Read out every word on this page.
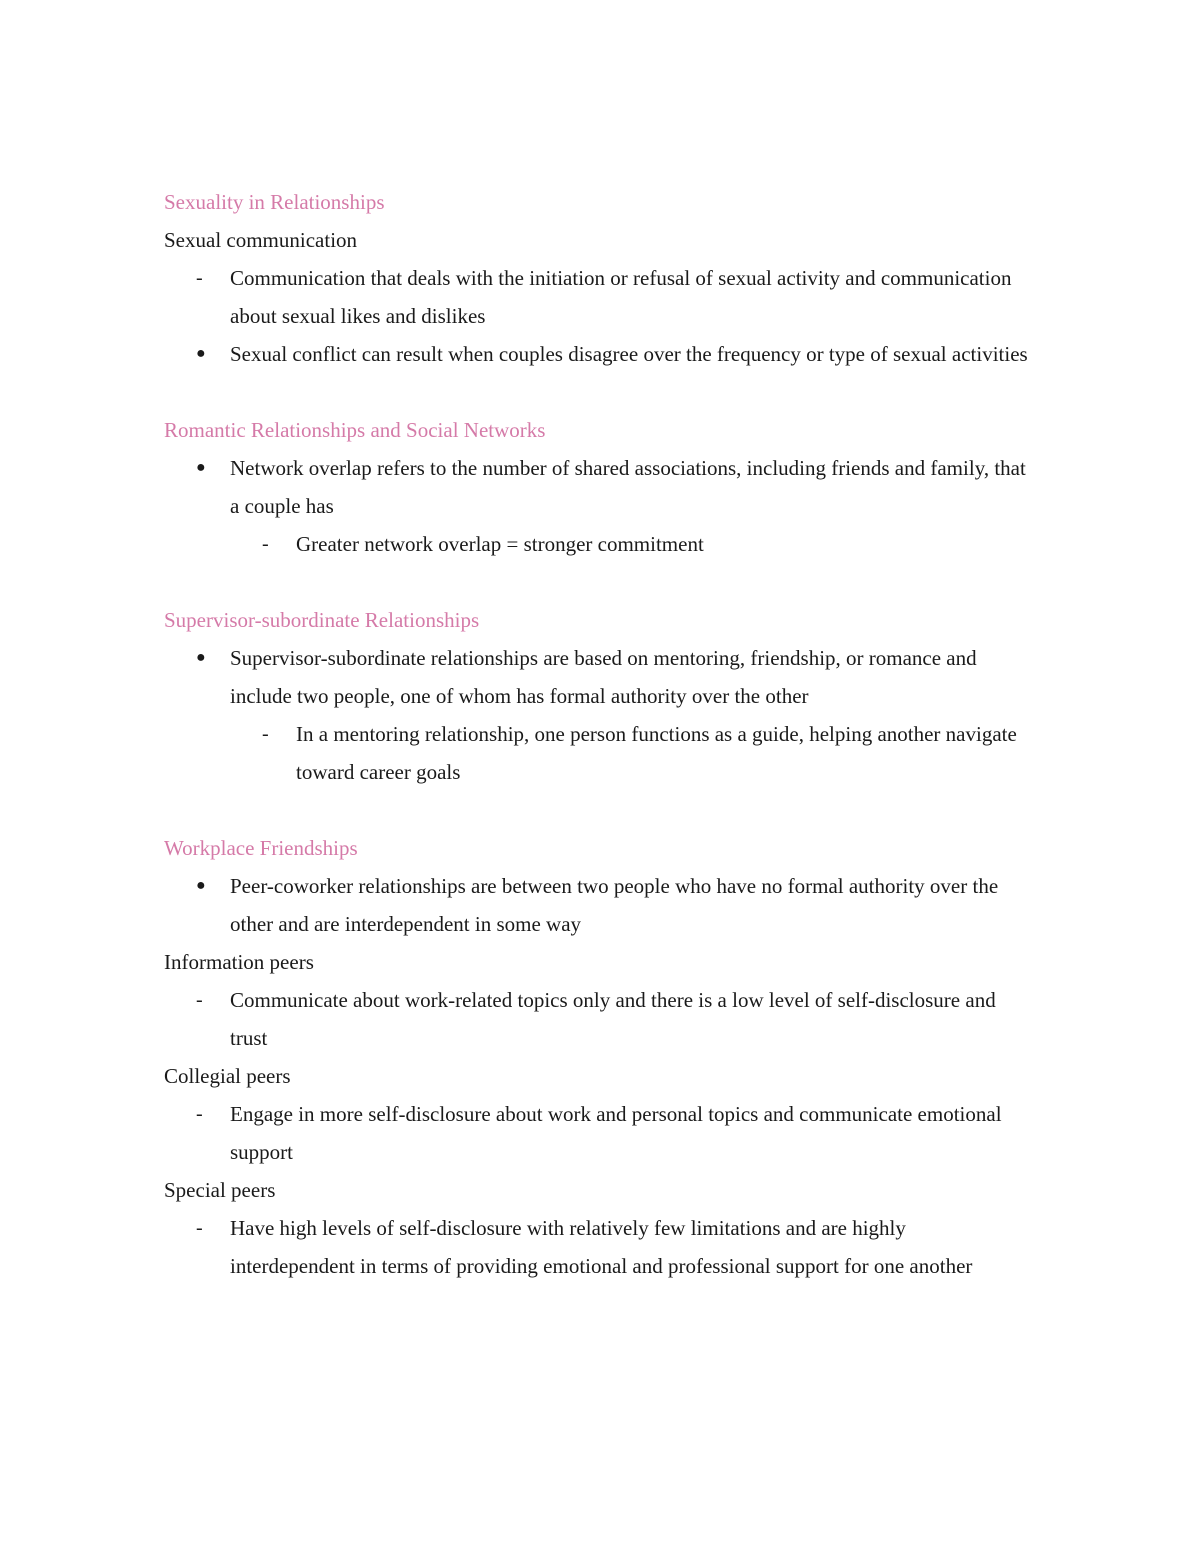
Sexuality in Relationships
Sexual communication
-	Communication that deals with the initiation or refusal of sexual activity and communication about sexual likes and dislikes
●	Sexual conflict can result when couples disagree over the frequency or type of sexual activities
Romantic Relationships and Social Networks
●	Network overlap refers to the number of shared associations, including friends and family, that a couple has
-	Greater network overlap = stronger commitment
Supervisor-subordinate Relationships
●	Supervisor-subordinate relationships are based on mentoring, friendship, or romance and include two people, one of whom has formal authority over the other
-	In a mentoring relationship, one person functions as a guide, helping another navigate toward career goals
Workplace Friendships
●	Peer-coworker relationships are between two people who have no formal authority over the other and are interdependent in some way
Information peers
-	Communicate about work-related topics only and there is a low level of self-disclosure and trust
Collegial peers
-	Engage in more self-disclosure about work and personal topics and communicate emotional support
Special peers
-	Have high levels of self-disclosure with relatively few limitations and are highly interdependent in terms of providing emotional and professional support for one another
